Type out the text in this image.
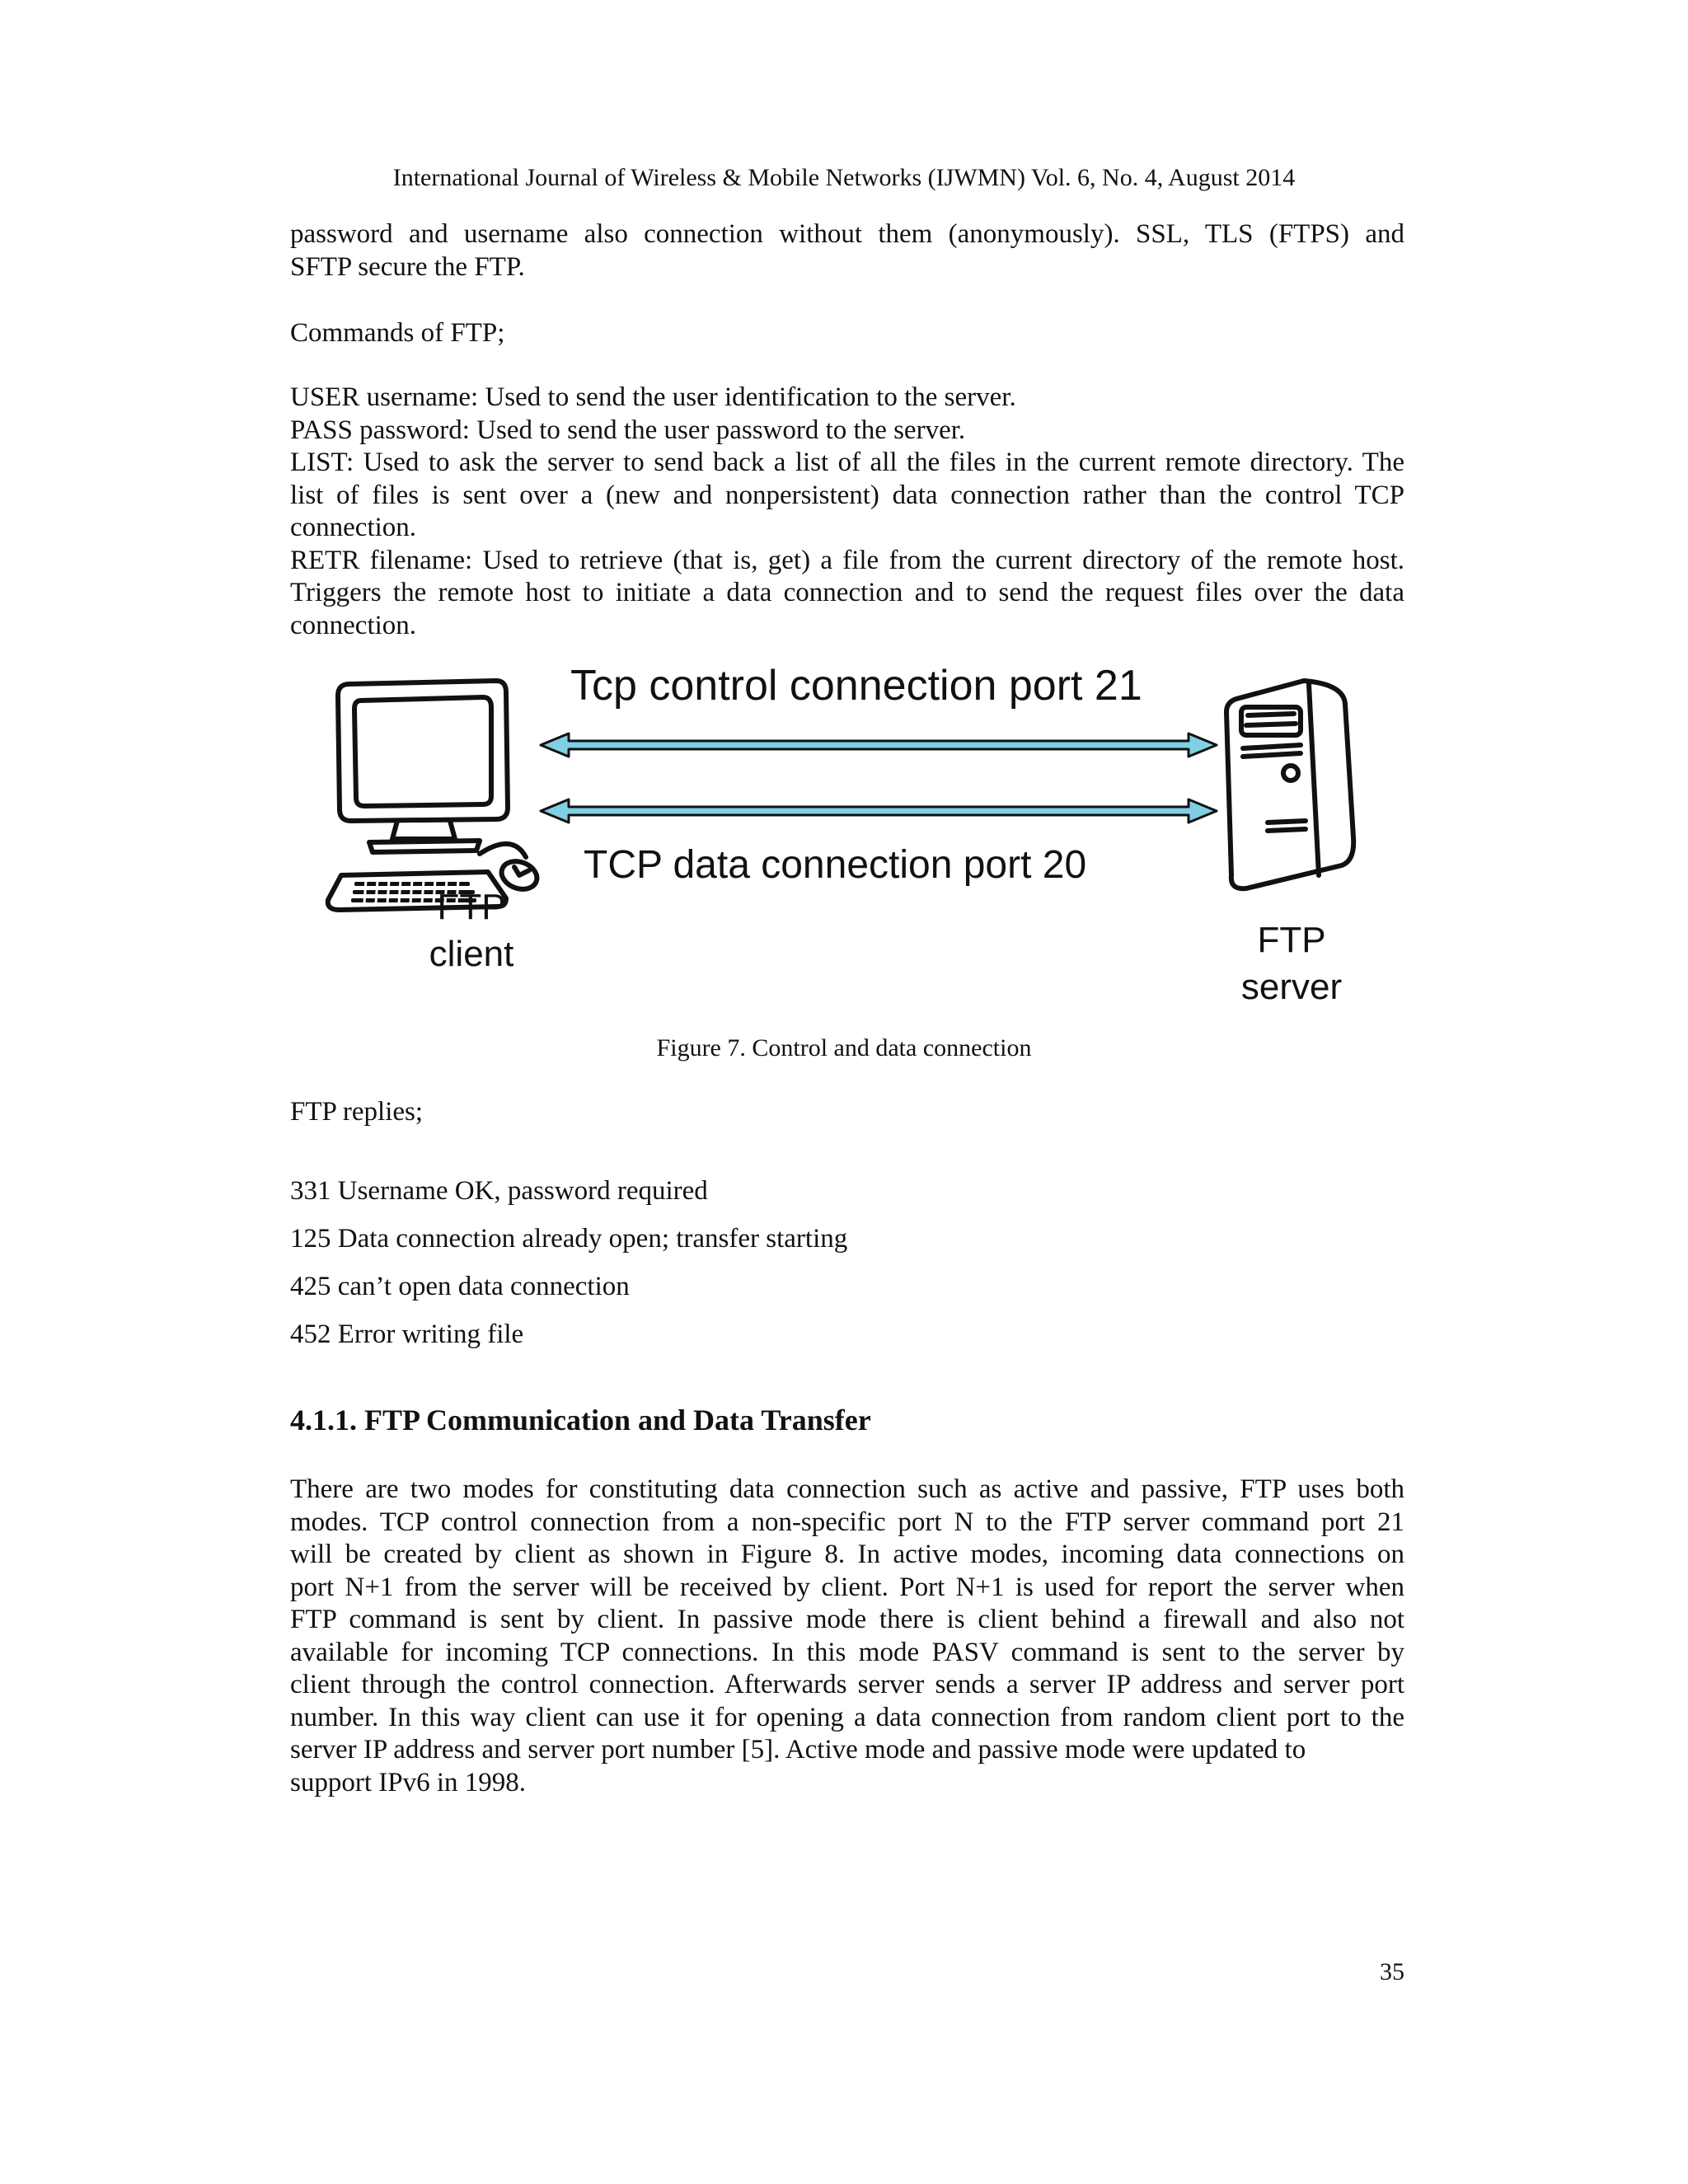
International Journal of Wireless & Mobile Networks (IJWMN) Vol. 6, No. 4, August 2014
password and username also connection without them (anonymously). SSL, TLS (FTPS) and
SFTP secure the FTP.
Commands of FTP;
USER username: Used to send the user identification to the server.
PASS password: Used to send the user password to the server.
LIST: Used to ask the server to send back a list of all the files in the current remote directory. The
list of files is sent over a (new and nonpersistent) data connection rather than the control TCP
connection.
RETR filename: Used to retrieve (that is, get) a file from the current directory of the remote host.
Triggers the remote host to initiate a data connection and to send the request files over the data
connection.
Tcp control connection port 21
TCP data connection port 20
FTP
client	FTP
server
Figure 7. Control and data connection
FTP replies;
331 Username OK, password required
125 Data connection already open; transfer starting
425 can’t open data connection
452 Error writing file
4.1.1. FTP Communication and Data Transfer
There are two modes for constituting data connection such as active and passive, FTP uses both
modes. TCP control connection from a non-specific port N to the FTP server command port 21
will be created by client as shown in Figure 8. In active modes, incoming data connections on
port N+1 from the server will be received by client. Port N+1 is used for report the server when
FTP command is sent by client. In passive mode there is client behind a firewall and also not
available for incoming TCP connections. In this mode PASV command is sent to the server by
client through the control connection. Afterwards server sends a server IP address and server port
number. In this way client can use it for opening a data connection from random client port to the
server IP address and server port number [5]. Active mode and passive mode were updated to
support IPv6 in 1998.
35
